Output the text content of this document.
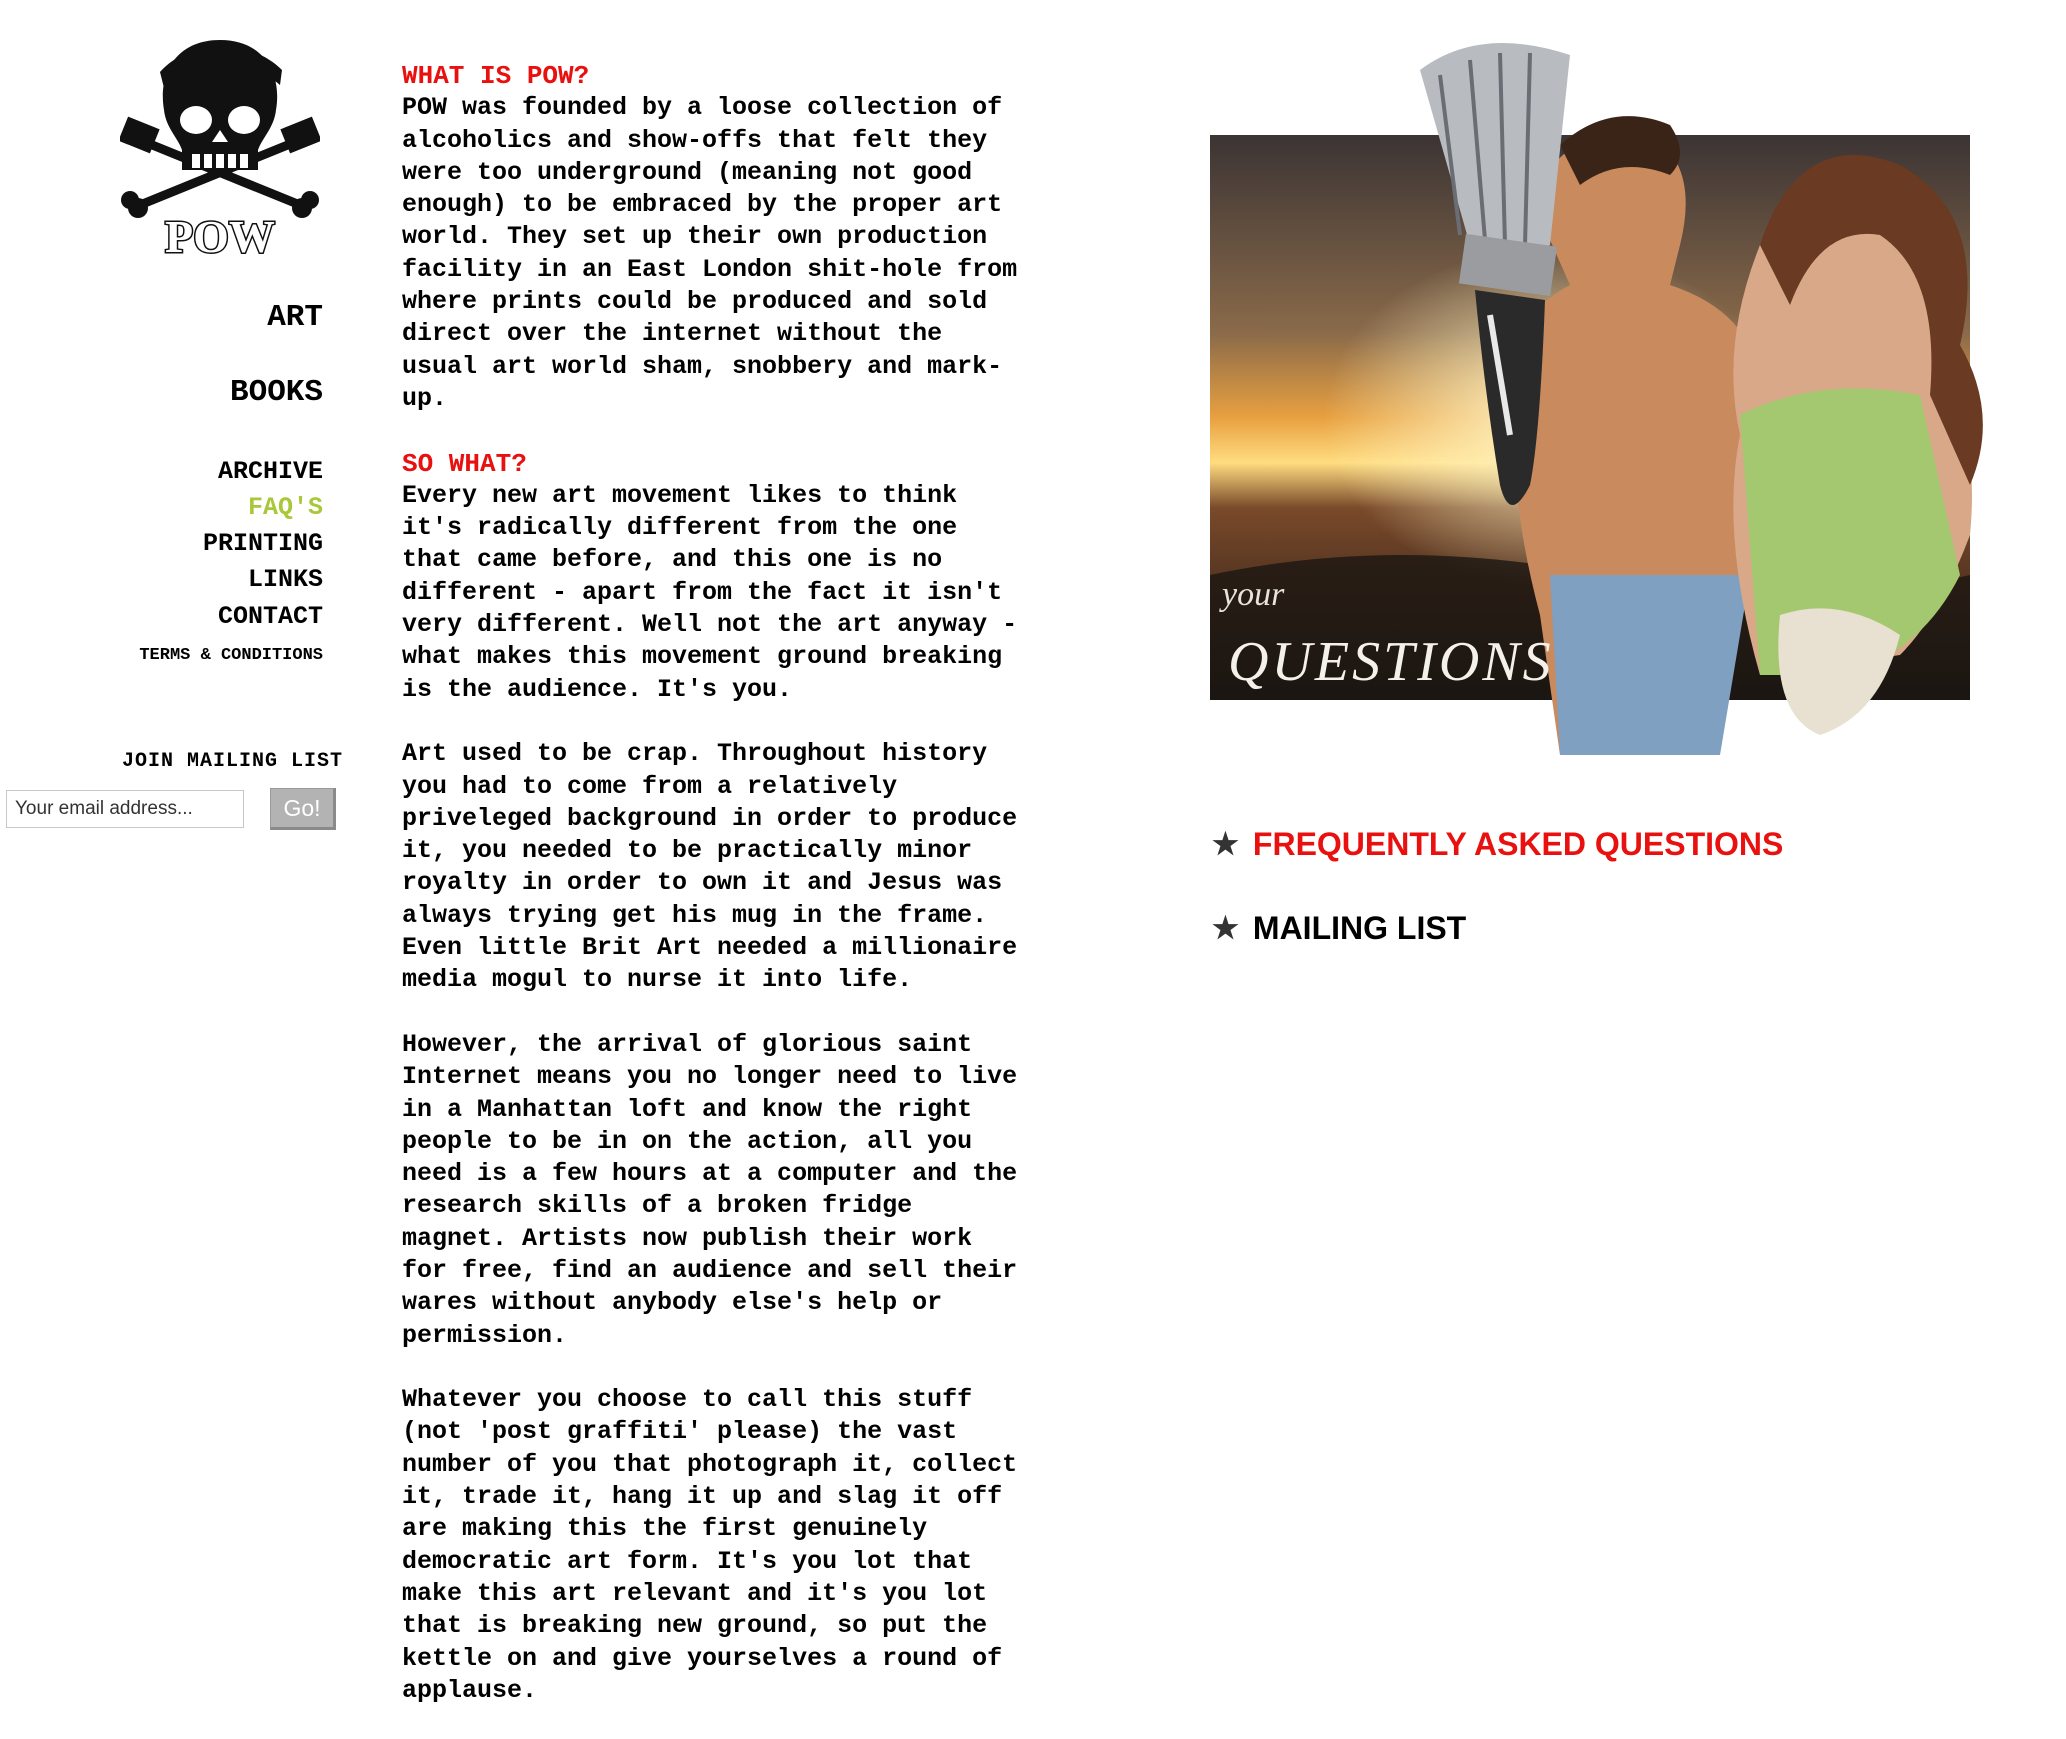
POW
ART
BOOKS
ARCHIVE
FAQ'S
PRINTING
LINKS
CONTACT
TERMS & CONDITIONS
JOIN MAILING LIST
Your email address...
Go!
WHAT IS POW?

POW was founded by a loose collection of
alcoholics and show-offs that felt they
were too underground (meaning not good
enough) to be embraced by the proper art
world. They set up their own production
facility in an East London shit-hole from
where prints could be produced and sold
direct over the internet without the
usual art world sham, snobbery and mark-
up.

SO WHAT?

Every new art movement likes to think
it's radically different from the one
that came before, and this one is no
different - apart from the fact it isn't
very different. Well not the art anyway -
what makes this movement ground breaking
is the audience. It's you.

Art used to be crap. Throughout history
you had to come from a relatively
priveleged background in order to produce
it, you needed to be practically minor
royalty in order to own it and Jesus was
always trying get his mug in the frame.
Even little Brit Art needed a millionaire
media mogul to nurse it into life.

However, the arrival of glorious saint
Internet means you no longer need to live
in a Manhattan loft and know the right
people to be in on the action, all you
need is a few hours at a computer and the
research skills of a broken fridge
magnet. Artists now publish their work
for free, find an audience and sell their
wares without anybody else's help or
permission.

Whatever you choose to call this stuff
(not 'post graffiti' please) the vast
number of you that photograph it, collect
it, trade it, hang it up and slag it off
are making this the first genuinely
democratic art form. It's you lot that
make this art relevant and it's you lot
that is breaking new ground, so put the
kettle on and give yourselves a round of
applause.

your
QUESTIONS
★ FREQUENTLY ASKED QUESTIONS
★ MAILING LIST
